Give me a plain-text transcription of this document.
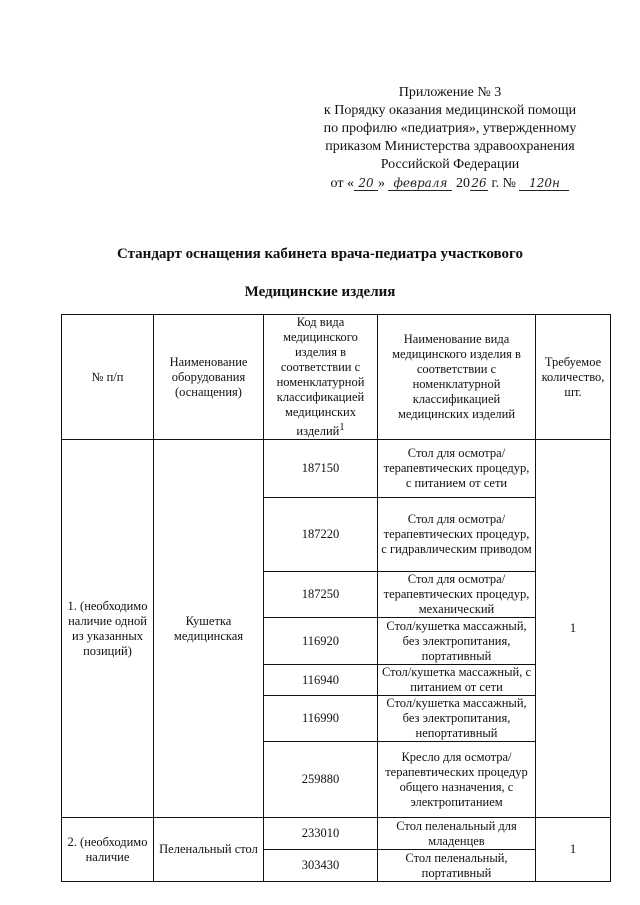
Приложение № 3
к Порядку оказания медицинской помощи
по профилю «педиатрия», утвержденному
приказом Министерства здравоохранения
Российской Федерации
от « 20 » февраля 2026 г. № 120н
Стандарт оснащения кабинета врача-педиатра участкового
Медицинские изделия
№ п/п	Наименование оборудования (оснащения)	Код вида медицинского изделия в соответствии с номенклатурной классификацией медицинских изделий$^1$	Наименование вида медицинского изделия в соответствии с номенклатурной классификацией медицинских изделий	Требуемое количество, шт.
1. (необходимо наличие одной из указанных позиций)	Кушетка медицинская	187150	Стол для осмотра/терапевтических процедур, с питанием от сети	1
		187220	Стол для осмотра/терапевтических процедур, с гидравлическим приводом	
		187250	Стол для осмотра/терапевтических процедур, механический	
		116920	Стол/кушетка массажный, без электропитания, портативный	
		116940	Стол/кушетка массажный, с питанием от сети	
		116990	Стол/кушетка массажный, без электропитания, непортативный	
		259880	Кресло для осмотра/терапевтических процедур общего назначения, с электропитанием	
2. (необходимо наличие	Пеленальный стол	233010	Стол пеленальный для младенцев	1
		303430	Стол пеленальный, портативный	
